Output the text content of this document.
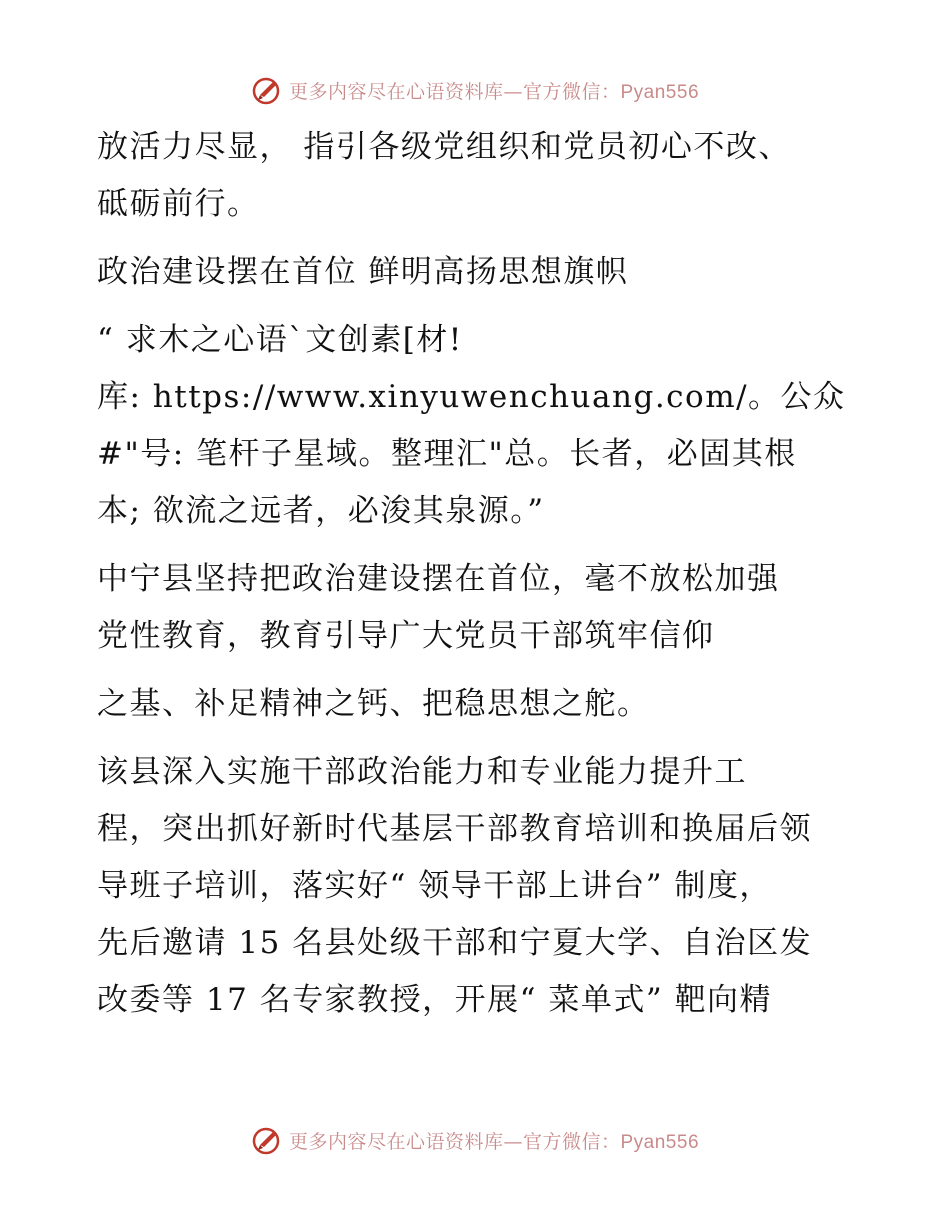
更多内容尽在心语资料库—官方微信：Pyan556
放活力尽显， 指引各级党组织和党员初心不改、
砥砺前行。
政治建设摆在首位 鲜明高扬思想旗帜
“ 求木之心语`文创素[材!
库: https://www.xinyuwenchuang.com/。公众
#"号: 笔杆子星域。整理汇"总。长者，必固其根
本; 欲流之远者，必浚其泉源。”
中宁县坚持把政治建设摆在首位，毫不放松加强
党性教育，教育引导广大党员干部筑牢信仰
之基、补足精神之钙、把稳思想之舵。
该县深入实施干部政治能力和专业能力提升工
程，突出抓好新时代基层干部教育培训和换届后领
导班子培训，落实好“ 领导干部上讲台” 制度，
先后邀请 15 名县处级干部和宁夏大学、自治区发
改委等 17 名专家教授，开展“ 菜单式” 靶向精
更多内容尽在心语资料库—官方微信：Pyan556
